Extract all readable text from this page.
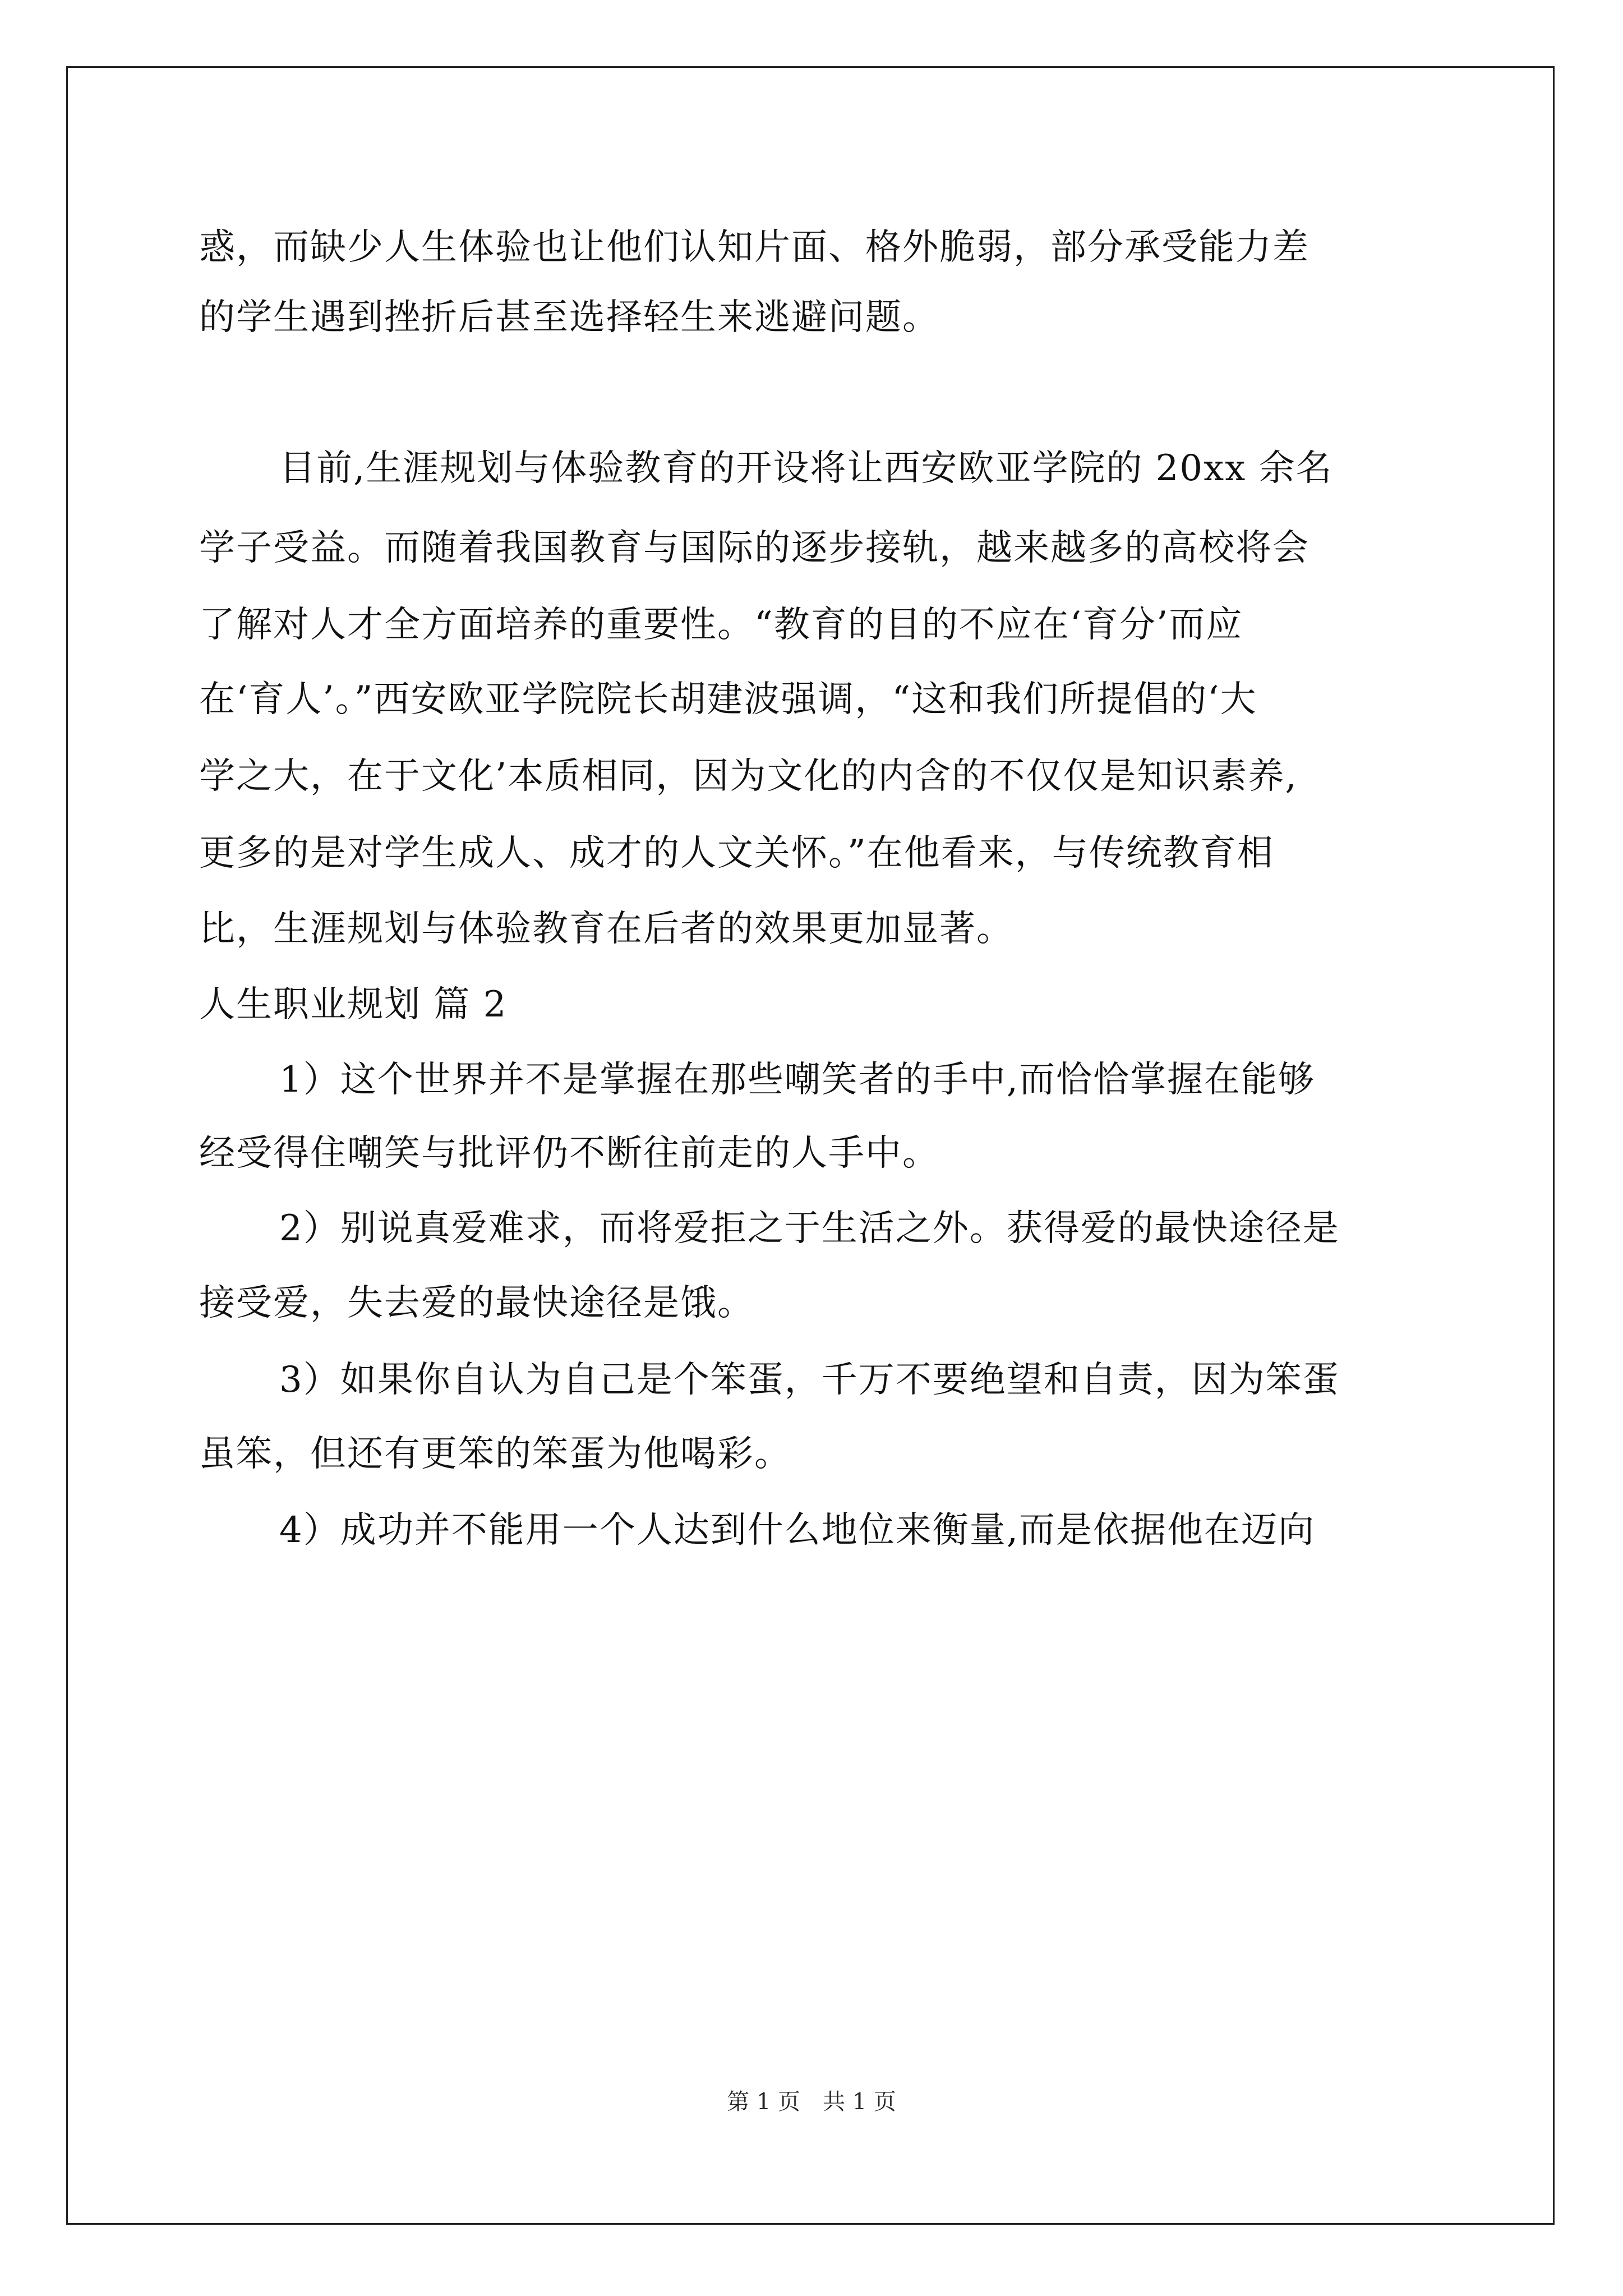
惑，而缺少人生体验也让他们认知片面、格外脆弱，部分承受能力差
的学生遇到挫折后甚至选择轻生来逃避问题。
目前,生涯规划与体验教育的开设将让西安欧亚学院的 20xx 余名
学子受益。而随着我国教育与国际的逐步接轨，越来越多的高校将会
了解对人才全方面培养的重要性。“教育的目的不应在‘育分’而应
在‘育人’。”西安欧亚学院院长胡建波强调，“这和我们所提倡的‘大
学之大，在于文化’本质相同，因为文化的内含的不仅仅是知识素养,
更多的是对学生成人、成才的人文关怀。”在他看来，与传统教育相
比，生涯规划与体验教育在后者的效果更加显著。
人生职业规划 篇 2
1）这个世界并不是掌握在那些嘲笑者的手中,而恰恰掌握在能够
经受得住嘲笑与批评仍不断往前走的人手中。
2）别说真爱难求，而将爱拒之于生活之外。获得爱的最快途径是
接受爱，失去爱的最快途径是饿。
3）如果你自认为自己是个笨蛋，千万不要绝望和自责，因为笨蛋
虽笨，但还有更笨的笨蛋为他喝彩。
4）成功并不能用一个人达到什么地位来衡量,而是依据他在迈向
第 1 页　共 1 页
